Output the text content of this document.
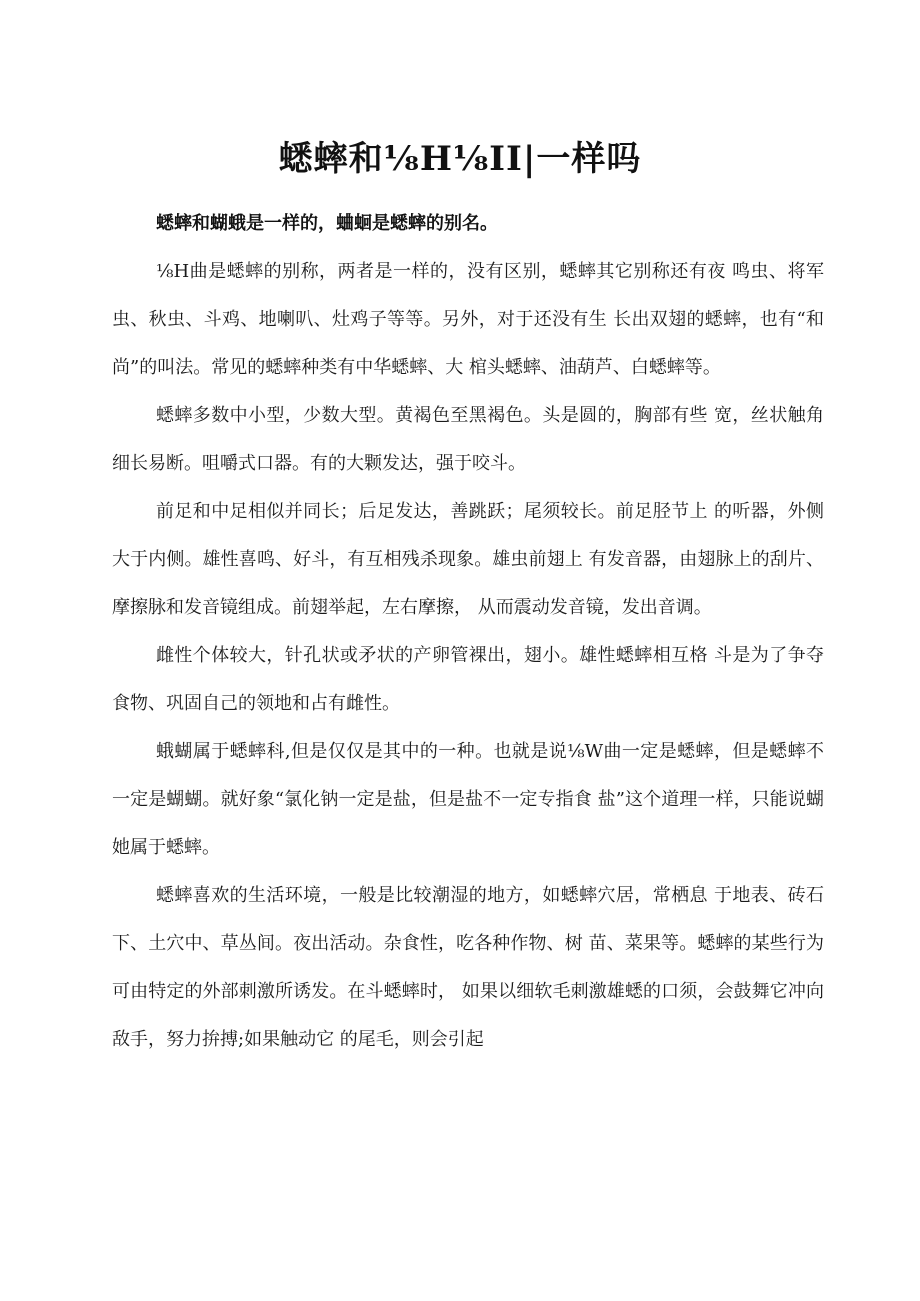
蟋蟀和⅛H⅛II|一样吗

蟋蟀和蝴蛾是一样的，蛐蛔是蟋蟀的别名。

⅛H曲是蟋蟀的别称，两者是一样的，没有区别，蟋蟀其它别称还有夜 鸣虫、将军虫、秋虫、斗鸡、地喇叭、灶鸡子等等。另外，对于还没有生 长出双翅的蟋蟀，也有“和尚”的叫法。常见的蟋蟀种类有中华蟋蟀、大 棺头蟋蟀、油葫芦、白蟋蟀等。

蟋蟀多数中小型，少数大型。黄褐色至黑褐色。头是圆的，胸部有些 宽，丝状触角细长易断。咀嚼式口器。有的大颗发达，强于咬斗。

前足和中足相似并同长；后足发达，善跳跃；尾须较长。前足胫节上 的听器，外侧大于内侧。雄性喜鸣、好斗，有互相残杀现象。雄虫前翅上 有发音器，由翅脉上的刮片、摩擦脉和发音镜组成。前翅举起，左右摩擦， 从而震动发音镜，发出音调。

雌性个体较大，针孔状或矛状的产卵管裸出，翅小。雄性蟋蟀相互格 斗是为了争夺食物、巩固自己的领地和占有雌性。

蛾蝴属于蟋蟀科,但是仅仅是其中的一种。也就是说⅛W曲一定是蟋蟀，但是蟋蟀不一定是蝴蝴。就好象“氯化钠一定是盐，但是盐不一定专指食 盐”这个道理一样，只能说蝴她属于蟋蟀。

蟋蟀喜欢的生活环境，一般是比较潮湿的地方，如蟋蟀穴居，常栖息 于地表、砖石下、土穴中、草丛间。夜出活动。杂食性，吃各种作物、树 苗、菜果等。蟋蟀的某些行为可由特定的外部刺激所诱发。在斗蟋蟀时， 如果以细软毛刺激雄蟋的口须，会鼓舞它冲向敌手，努力拚搏;如果触动它 的尾毛，则会引起
